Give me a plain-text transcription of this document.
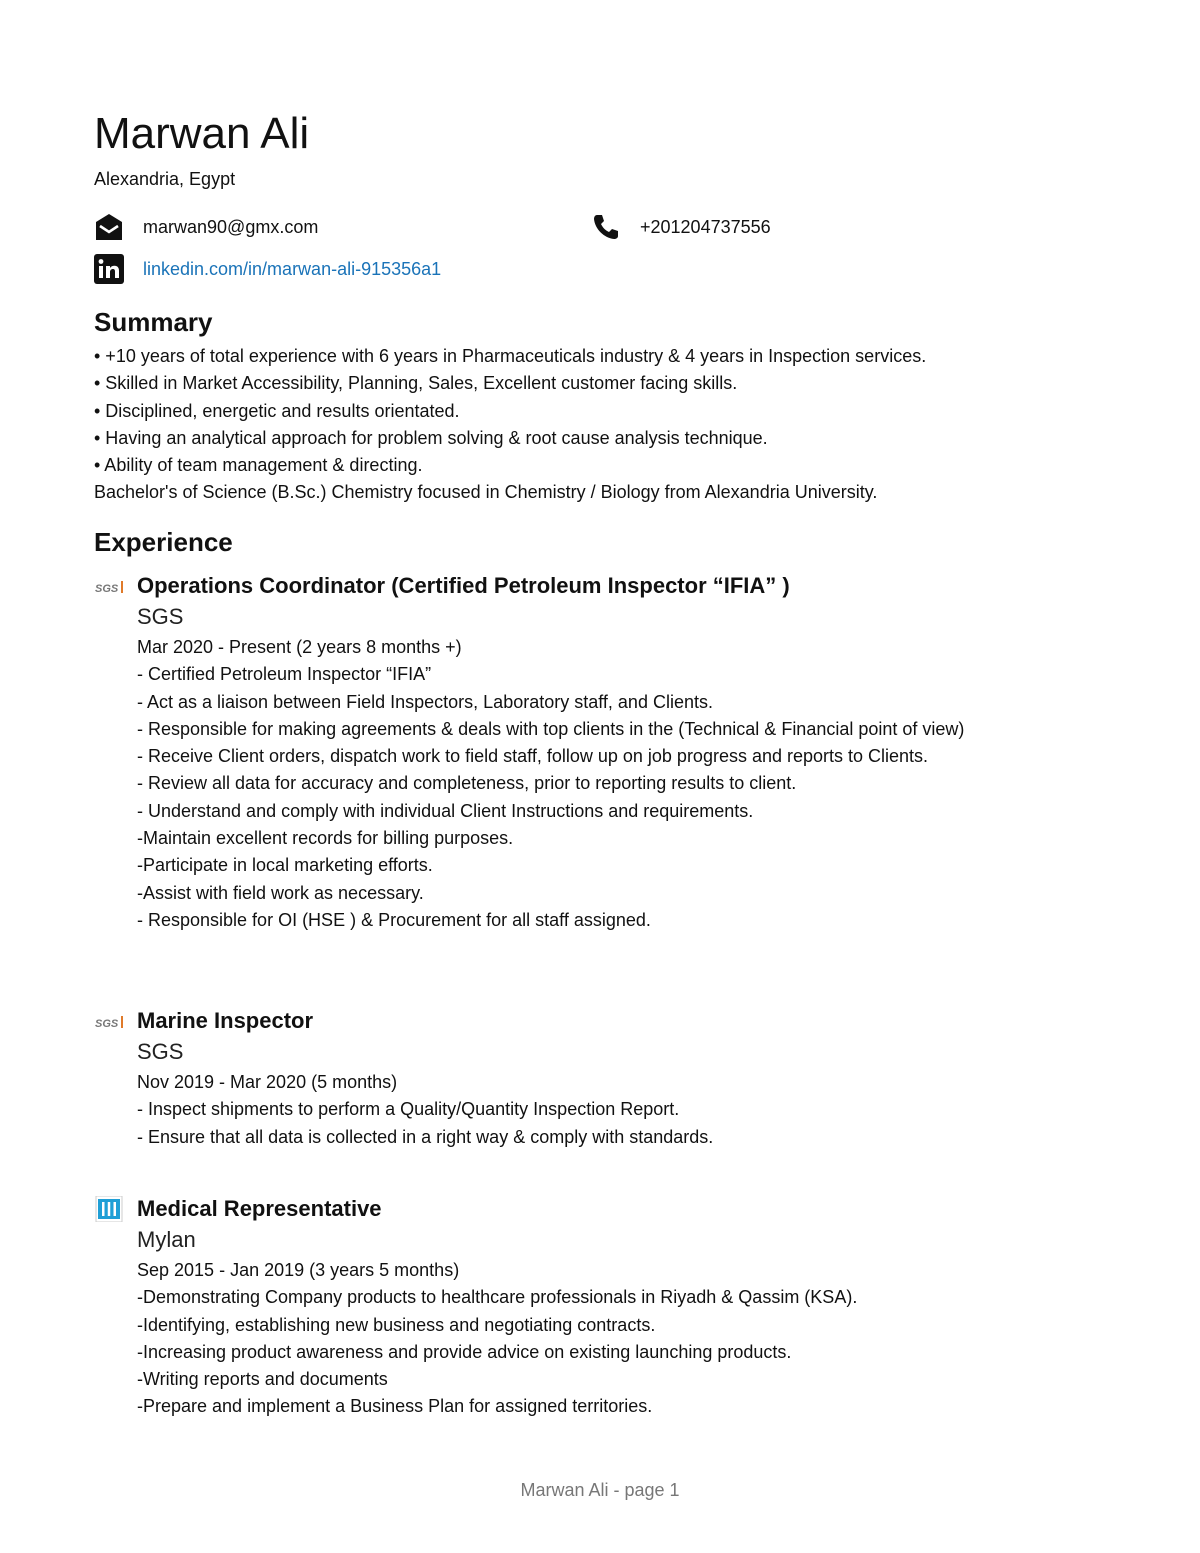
Marwan Ali
Alexandria, Egypt
marwan90@gmx.com	+201204737556
linkedin.com/in/marwan-ali-915356a1
Summary
• +10 years of total experience with 6 years in Pharmaceuticals industry & 4 years in Inspection services.
• Skilled in Market Accessibility, Planning, Sales, Excellent customer facing skills.
• Disciplined, energetic and results orientated.
• Having an analytical approach for problem solving & root cause analysis technique.
• Ability of team management & directing.
Bachelor's of Science (B.Sc.) Chemistry focused in Chemistry / Biology from Alexandria University.
Experience
SGS Operations Coordinator (Certified Petroleum Inspector “IFIA” )
SGS
Mar 2020 - Present (2 years 8 months +)
- Certified Petroleum Inspector “IFIA”
- Act as a liaison between Field Inspectors, Laboratory staff, and Clients.
- Responsible for making agreements & deals with top clients in the (Technical & Financial point of view)
- Receive Client orders, dispatch work to field staff, follow up on job progress and reports to Clients.
- Review all data for accuracy and completeness, prior to reporting results to client.
- Understand and comply with individual Client Instructions and requirements.
-Maintain excellent records for billing purposes.
-Participate in local marketing efforts.
-Assist with field work as necessary.
- Responsible for OI (HSE ) & Procurement for all staff assigned.
SGS Marine Inspector
SGS
Nov 2019 - Mar 2020 (5 months)
- Inspect shipments to perform a Quality/Quantity Inspection Report.
- Ensure that all data is collected in a right way & comply with standards.
Medical Representative
Mylan
Sep 2015 - Jan 2019 (3 years 5 months)
-Demonstrating Company products to healthcare professionals in Riyadh & Qassim (KSA).
-Identifying, establishing new business and negotiating contracts.
-Increasing product awareness and provide advice on existing launching products.
-Writing reports and documents
-Prepare and implement a Business Plan for assigned territories.
Marwan Ali - page 1
